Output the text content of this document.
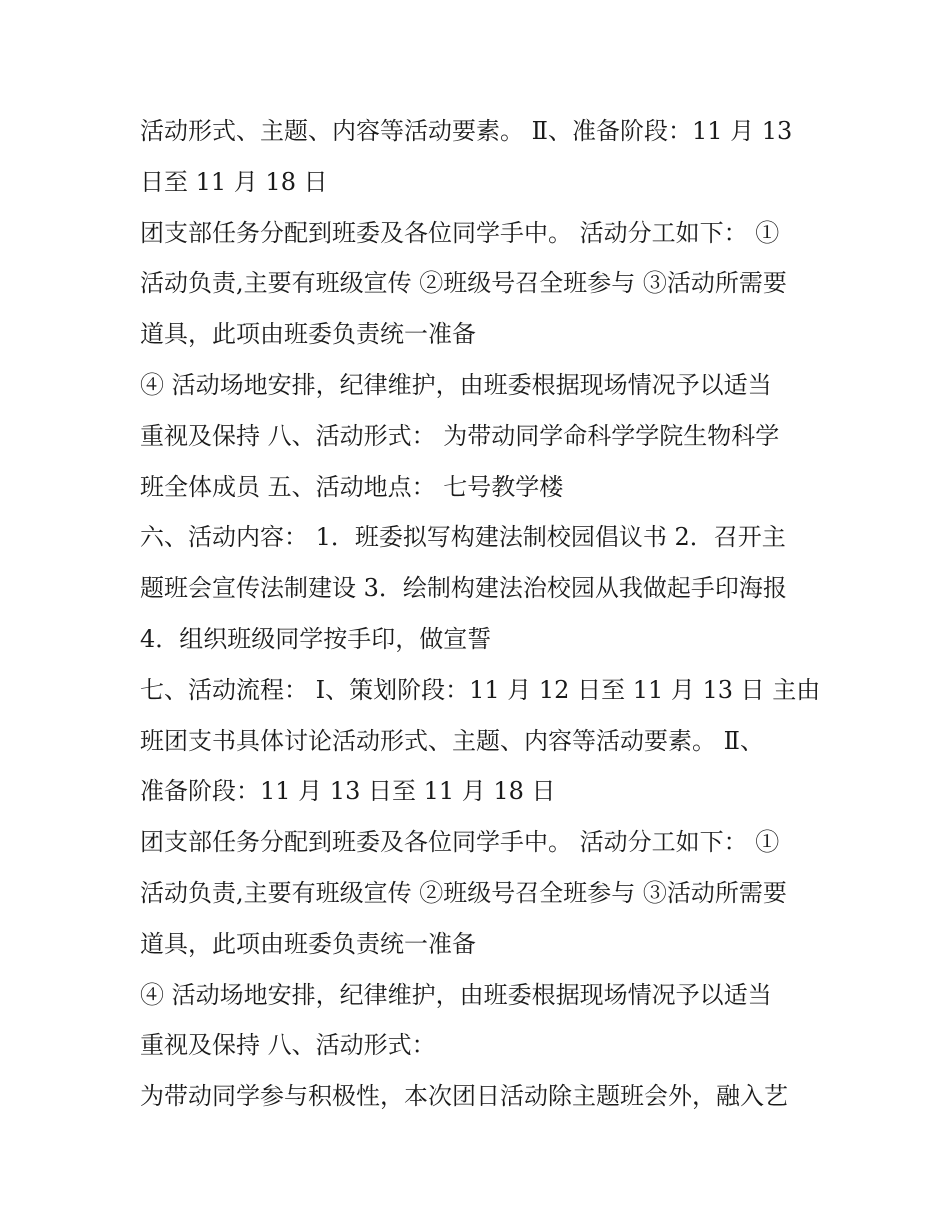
活动形式、主题、内容等活动要素。 Ⅱ、准备阶段：11 月 13
日至 11 月 18 日
团支部任务分配到班委及各位同学手中。 活动分工如下： ①
活动负责,主要有班级宣传 ②班级号召全班参与 ③活动所需要
道具，此项由班委负责统一准备
④ 活动场地安排，纪律维护，由班委根据现场情况予以适当
重视及保持 八、活动形式： 为带动同学命科学学院生物科学
班全体成员 五、活动地点： 七号教学楼
六、活动内容： 1．班委拟写构建法制校园倡议书 2．召开主
题班会宣传法制建设 3．绘制构建法治校园从我做起手印海报
4．组织班级同学按手印，做宣誓
七、活动流程： Ⅰ、策划阶段：11 月 12 日至 11 月 13 日 主由
班团支书具体讨论活动形式、主题、内容等活动要素。 Ⅱ、
准备阶段：11 月 13 日至 11 月 18 日
团支部任务分配到班委及各位同学手中。 活动分工如下： ①
活动负责,主要有班级宣传 ②班级号召全班参与 ③活动所需要
道具，此项由班委负责统一准备
④ 活动场地安排，纪律维护，由班委根据现场情况予以适当
重视及保持 八、活动形式：
为带动同学参与积极性，本次团日活动除主题班会外，融入艺
